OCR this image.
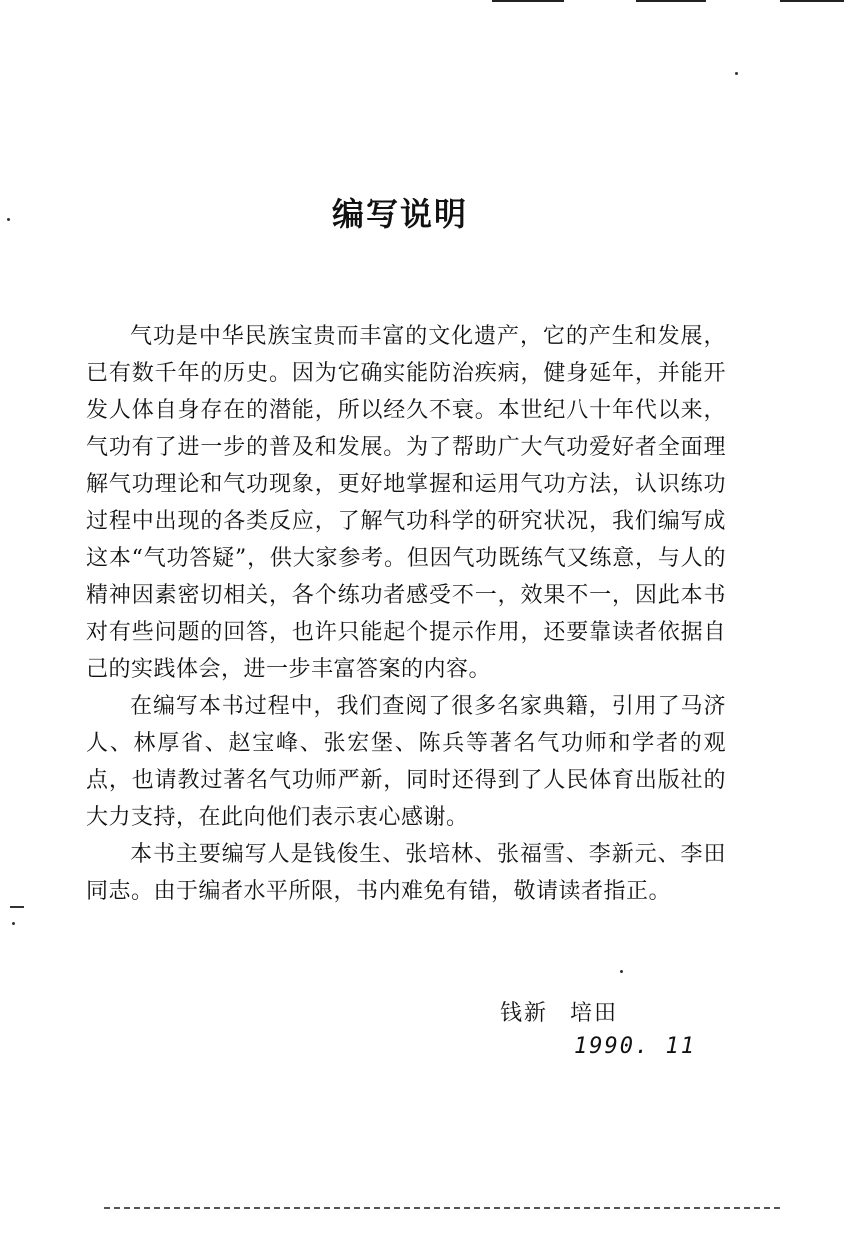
编写说明

气功是中华民族宝贵而丰富的文化遗产，它的产生和发展，已有数千年的历史。因为它确实能防治疾病，健身延年，并能开发人体自身存在的潜能，所以经久不衰。本世纪八十年代以来，气功有了进一步的普及和发展。为了帮助广大气功爱好者全面理解气功理论和气功现象，更好地掌握和运用气功方法，认识练功过程中出现的各类反应，了解气功科学的研究状况，我们编写成这本“气功答疑”，供大家参考。但因气功既练气又练意，与人的精神因素密切相关，各个练功者感受不一，效果不一，因此本书对有些问题的回答，也许只能起个提示作用，还要靠读者依据自己的实践体会，进一步丰富答案的内容。

在编写本书过程中，我们查阅了很多名家典籍，引用了马济人、林厚省、赵宝峰、张宏堡、陈兵等著名气功师和学者的观点，也请教过著名气功师严新，同时还得到了人民体育出版社的大力支持，在此向他们表示衷心感谢。

本书主要编写人是钱俊生、张培林、张福雪、李新元、李田同志。由于编者水平所限，书内难免有错，敬请读者指正。

钱新 培田
1990. 11
